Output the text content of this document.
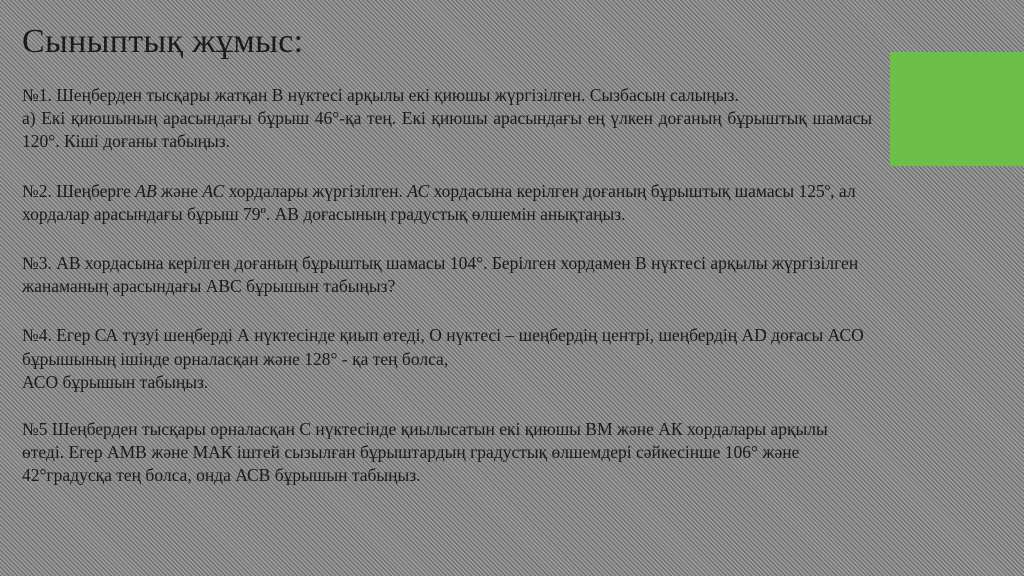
Сыныптық жұмыс:

№1. Шеңберден тысқары жатқан В нүктесі арқылы екі қиюшы жүргізілген. Сызбасын салыңыз.

а) Екі қиюшының арасындағы бұрыш 46°-қа тең. Екі қиюшы арасындағы ең үлкен доғаның бұрыштық шамасы 120°. Кіші доғаны табыңыз.

№2. Шеңберге АВ және АС хордалары жүргізілген. АС хордасына керілген доғаның бұрыштық шамасы 125º, ал хордалар арасындағы бұрыш 79º. АВ доғасының градустық өлшемін анықтаңыз.

№3. АВ хордасына керілген доғаның бұрыштық шамасы 104°. Берілген хордамен В нүктесі арқылы жүргізілген жанаманың арасындағы АВС бұрышын табыңыз?

№4. Егер СА түзуі шеңберді А нүктесінде қиып өтеді, О нүктесі – шеңбердің центрі, шеңбердің АD доғасы АСО бұрышының ішінде орналасқан және 128° - қа тең болса,

АСО бұрышын табыңыз.

№5 Шеңберден тысқары орналасқан С нүктесінде қиылысатын екі қиюшы ВМ және АК хордалары арқылы өтеді. Егер АМВ және МАК іштей сызылған бұрыштардың градустық өлшемдері сәйкесінше 106° және 42°градусқа тең болса, онда АСВ бұрышын табыңыз.
